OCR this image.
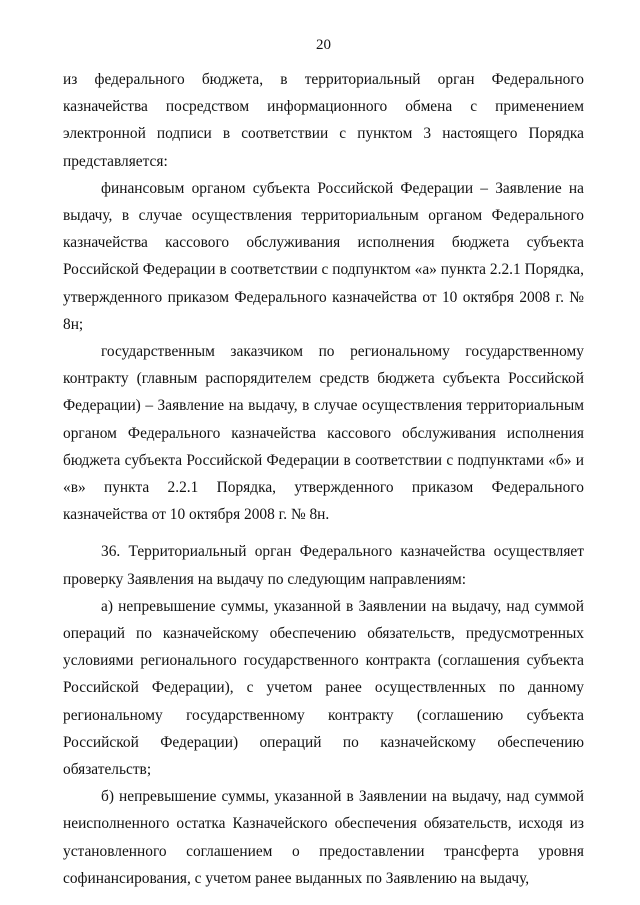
20

из федерального бюджета, в территориальный орган Федерального казначейства посредством информационного обмена с применением электронной подписи в соответствии с пунктом 3 настоящего Порядка представляется:

финансовым органом субъекта Российской Федерации – Заявление на выдачу, в случае осуществления территориальным органом Федерального казначейства кассового обслуживания исполнения бюджета субъекта Российской Федерации в соответствии с подпунктом «а» пункта 2.2.1 Порядка, утвержденного приказом Федерального казначейства от 10 октября 2008 г. № 8н;

государственным заказчиком по региональному государственному контракту (главным распорядителем средств бюджета субъекта Российской Федерации) – Заявление на выдачу, в случае осуществления территориальным органом Федерального казначейства кассового обслуживания исполнения бюджета субъекта Российской Федерации в соответствии с подпунктами «б» и «в» пункта 2.2.1 Порядка, утвержденного приказом Федерального казначейства от 10 октября 2008 г. № 8н.

36. Территориальный орган Федерального казначейства осуществляет проверку Заявления на выдачу по следующим направлениям:

а) непревышение суммы, указанной в Заявлении на выдачу, над суммой операций по казначейскому обеспечению обязательств, предусмотренных условиями регионального государственного контракта (соглашения субъекта Российской Федерации), с учетом ранее осуществленных по данному региональному государственному контракту (соглашению субъекта Российской Федерации) операций по казначейскому обеспечению обязательств;

б) непревышение суммы, указанной в Заявлении на выдачу, над суммой неисполненного остатка Казначейского обеспечения обязательств, исходя из установленного соглашением о предоставлении трансферта уровня софинансирования, с учетом ранее выданных по Заявлению на выдачу,
